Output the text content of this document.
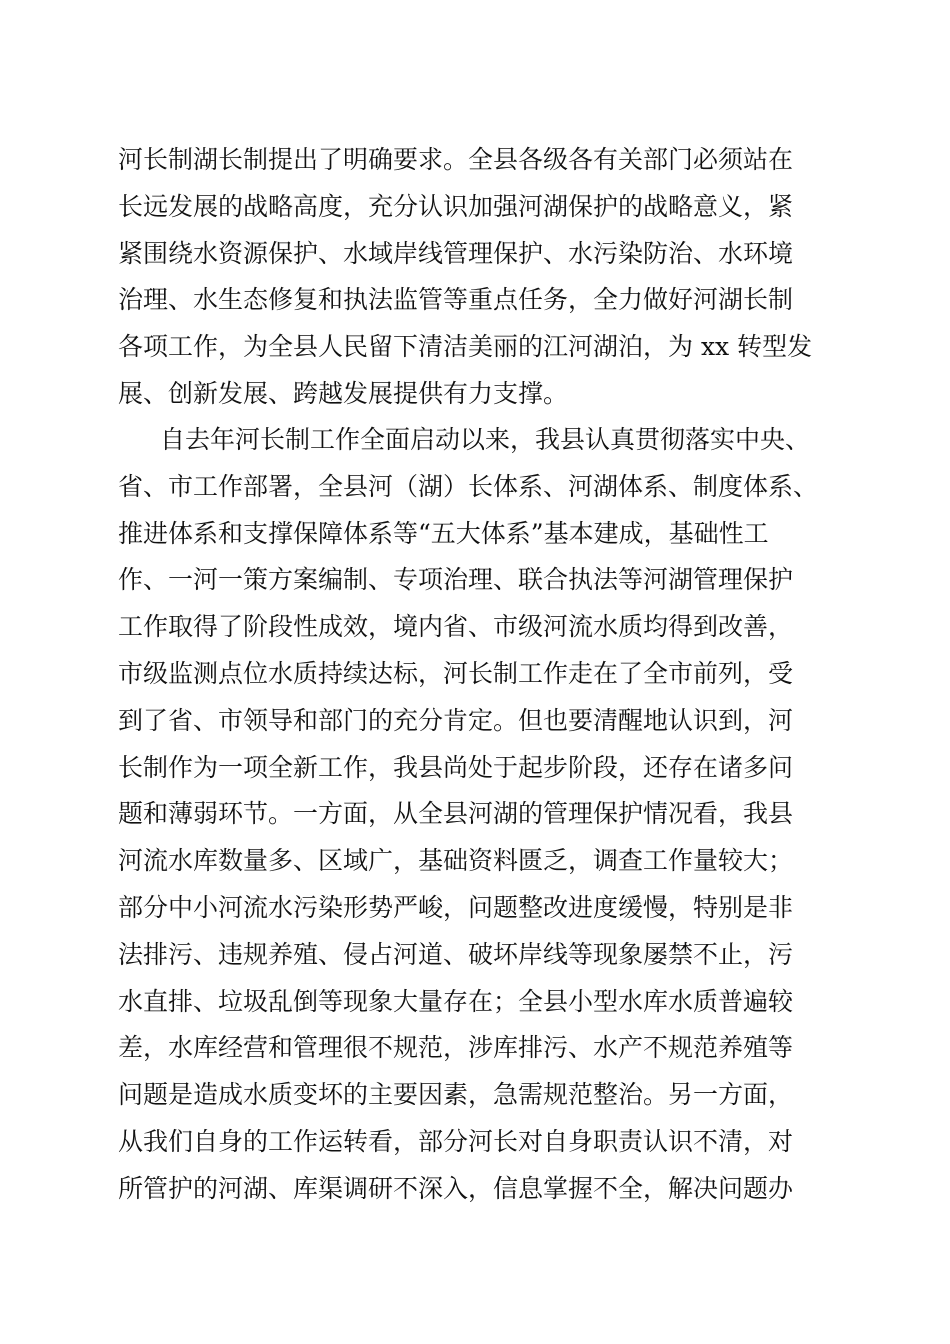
河长制湖长制提出了明确要求。全县各级各有关部门必须站在
长远发展的战略高度，充分认识加强河湖保护的战略意义，紧
紧围绕水资源保护、水域岸线管理保护、水污染防治、水环境
治理、水生态修复和执法监管等重点任务，全力做好河湖长制
各项工作，为全县人民留下清洁美丽的江河湖泊，为 xx 转型发
展、创新发展、跨越发展提供有力支撑。
自去年河长制工作全面启动以来，我县认真贯彻落实中央、
省、市工作部署，全县河（湖）长体系、河湖体系、制度体系、
推进体系和支撑保障体系等“五大体系”基本建成，基础性工
作、一河一策方案编制、专项治理、联合执法等河湖管理保护
工作取得了阶段性成效，境内省、市级河流水质均得到改善，
市级监测点位水质持续达标，河长制工作走在了全市前列，受
到了省、市领导和部门的充分肯定。但也要清醒地认识到，河
长制作为一项全新工作，我县尚处于起步阶段，还存在诸多问
题和薄弱环节。一方面，从全县河湖的管理保护情况看，我县
河流水库数量多、区域广，基础资料匮乏，调查工作量较大；
部分中小河流水污染形势严峻，问题整改进度缓慢，特别是非
法排污、违规养殖、侵占河道、破坏岸线等现象屡禁不止，污
水直排、垃圾乱倒等现象大量存在；全县小型水库水质普遍较
差，水库经营和管理很不规范，涉库排污、水产不规范养殖等
问题是造成水质变坏的主要因素，急需规范整治。另一方面，
从我们自身的工作运转看，部分河长对自身职责认识不清，对
所管护的河湖、库渠调研不深入，信息掌握不全，解决问题办
